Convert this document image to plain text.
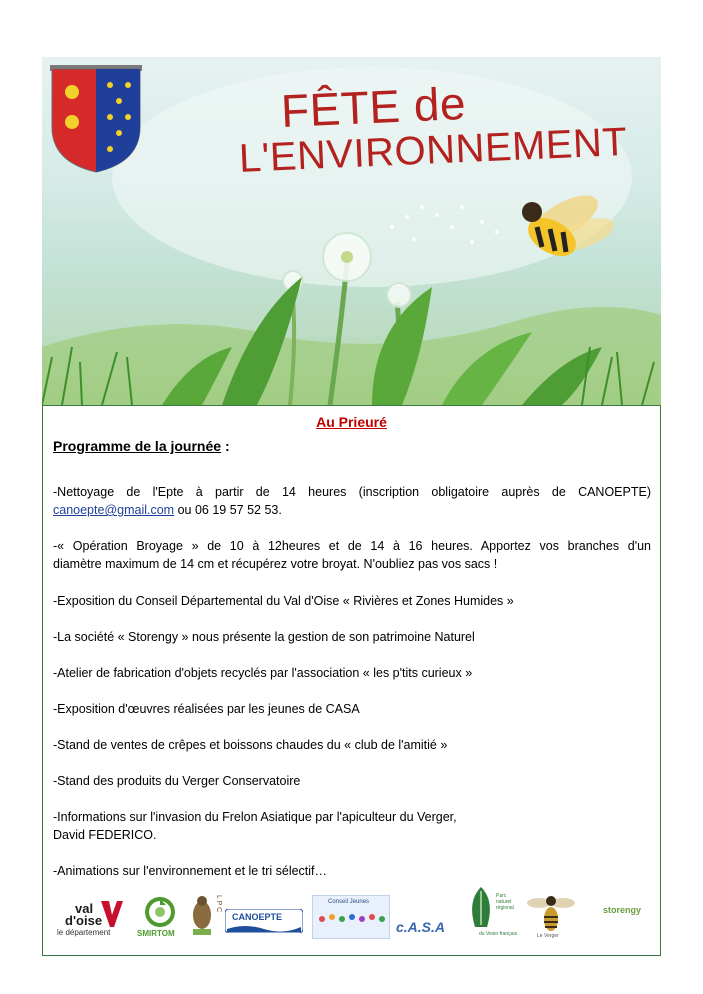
FÊTE de
L'ENVIRONNEMENT

Au Prieuré

Programme de la journée :

-Nettoyage de l'Epte à partir de 14 heures (inscription obligatoire auprès de CANOEPTE)

canoepte@gmail.com ou 06 19 57 52 53.

-« Opération Broyage » de 10 à 12heures et de 14 à 16 heures. Apportez vos branches d'un

diamètre maximum de 14 cm et récupérez votre broyat. N'oubliez pas vos sacs !

-Exposition du Conseil Départemental du Val d'Oise « Rivières et Zones Humides »

-La société « Storengy » nous présente la gestion de son patrimoine Naturel

-Atelier de fabrication d'objets recyclés par l'association « les p'tits curieux »

-Exposition d'œuvres réalisées par les jeunes de CASA

-Stand de ventes de crêpes et boissons chaudes du « club de l'amitié »

-Stand des produits du Verger Conservatoire

-Informations sur l'invasion du Frelon Asiatique par l'apiculteur du Verger,

David FEDERICO.

-Animations sur l'environnement et le tri sélectif…

val
d'oise
le département	SMIRTOM
L P C
CANOEPTE
Conseil Jeunes
c.A.S.A
Parc
naturel
régional
du Vexin français	Le Verger
storengy
